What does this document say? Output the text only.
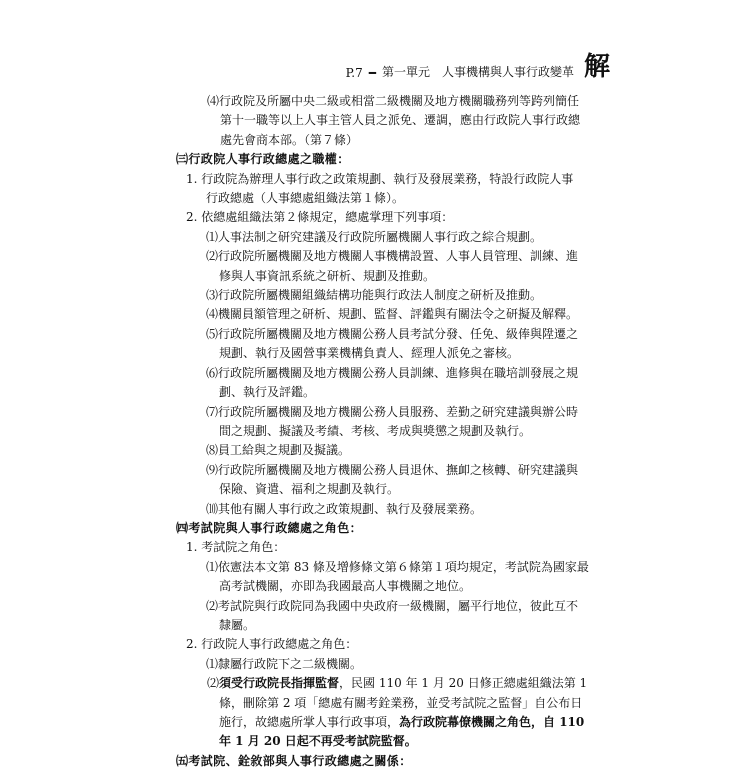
P.7 ━ 第一單元　人事機構與人事行政變革 解
⑷行政院及所屬中央二級或相當二級機關及地方機關職務列等跨列簡任
第十一職等以上人事主管人員之派免、遷調，應由行政院人事行政總
處先會商本部。（第７條）
㈢行政院人事行政總處之職權：
1. 行政院為辦理人事行政之政策規劃、執行及發展業務，特設行政院人事
行政總處（人事總處組織法第１條）。
2. 依總處組織法第２條規定，總處掌理下列事項：
⑴人事法制之研究建議及行政院所屬機關人事行政之綜合規劃。
⑵行政院所屬機關及地方機關人事機構設置、人事人員管理、訓練、進
修與人事資訊系統之研析、規劃及推動。
⑶行政院所屬機關組織結構功能與行政法人制度之研析及推動。
⑷機關員額管理之研析、規劃、監督、評鑑與有關法令之研擬及解釋。
⑸行政院所屬機關及地方機關公務人員考試分發、任免、級俸與陞遷之
規劃、執行及國營事業機構負責人、經理人派免之審核。
⑹行政院所屬機關及地方機關公務人員訓練、進修與在職培訓發展之規
劃、執行及評鑑。
⑺行政院所屬機關及地方機關公務人員服務、差勤之研究建議與辦公時
間之規劃、擬議及考績、考核、考成與獎懲之規劃及執行。
⑻員工給與之規劃及擬議。
⑼行政院所屬機關及地方機關公務人員退休、撫卹之核轉、研究建議與
保險、資遣、福利之規劃及執行。
⑽其他有關人事行政之政策規劃、執行及發展業務。
㈣考試院與人事行政總處之角色：
1. 考試院之角色：
⑴依憲法本文第 83 條及增修條文第６條第１項均規定，考試院為國家最
高考試機關，亦即為我國最高人事機關之地位。
⑵考試院與行政院同為我國中央政府一級機關，屬平行地位，彼此互不
隸屬。
2. 行政院人事行政總處之角色：
⑴隸屬行政院下之二級機關。
⑵須受行政院長指揮監督，民國 110 年 1 月 20 日修正總處組織法第 1
條，刪除第 2 項「總處有關考銓業務，並受考試院之監督」自公布日
施行，故總處所掌人事行政事項，為行政院幕僚機關之角色，自 110
年 1 月 20 日起不再受考試院監督。
㈤考試院、銓敘部與人事行政總處之關係：
